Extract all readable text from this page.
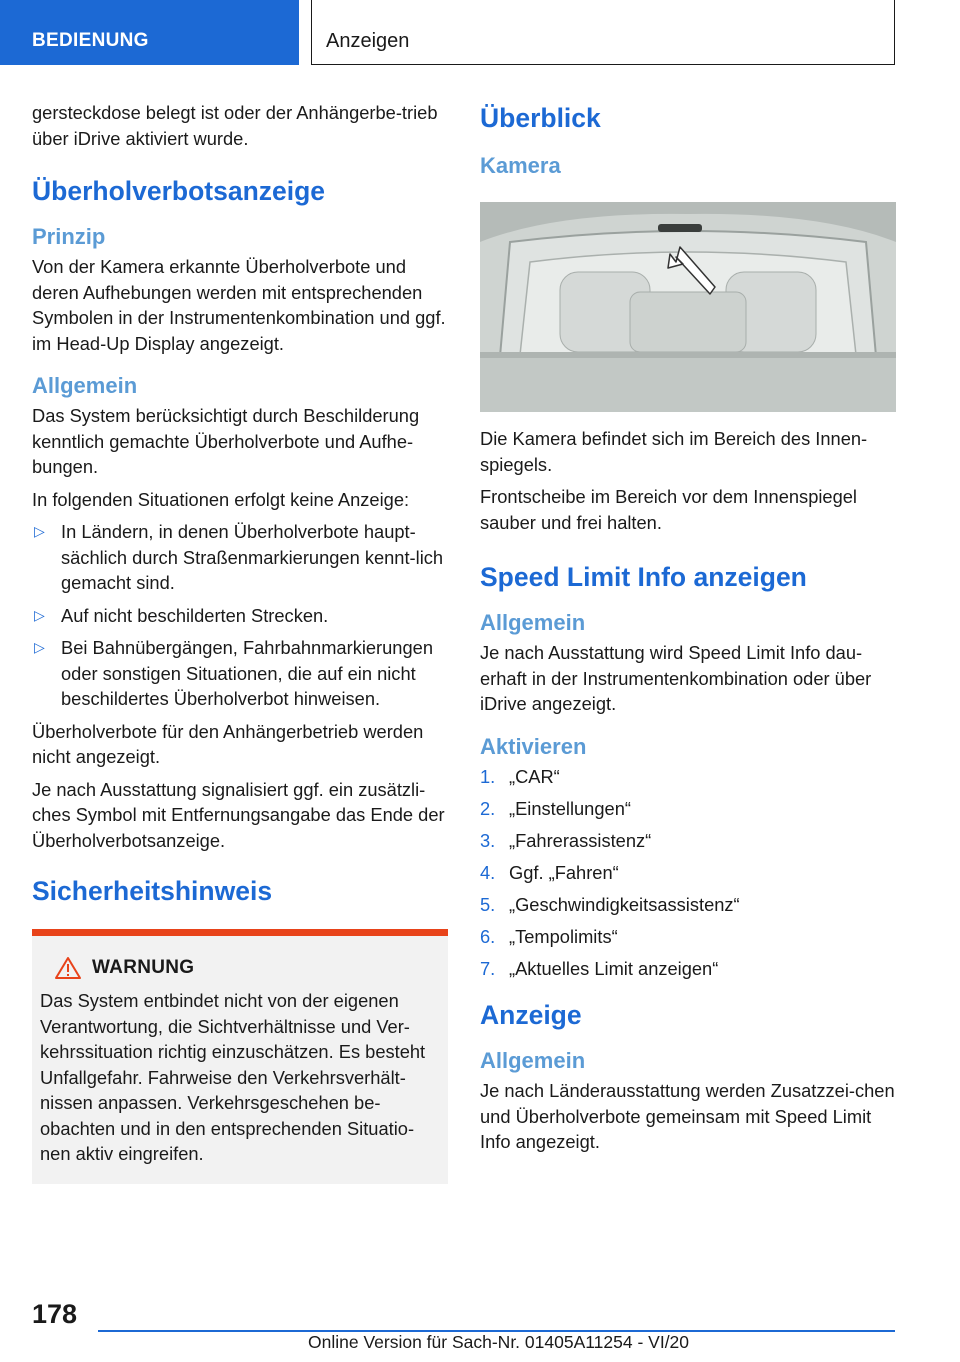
BEDIENUNG	Anzeigen

gersteckdose belegt ist oder der Anhängerbe‐trieb über iDrive aktiviert wurde.

Überholverbotsanzeige
Prinzip

Von der Kamera erkannte Überholverbote und deren Aufhebungen werden mit entsprechenden Symbolen in der Instrumentenkombination und ggf. im Head-Up Display angezeigt.

Allgemein

Das System berücksichtigt durch Beschilderung kenntlich gemachte Überholverbote und Aufhe‐bungen.

In folgenden Situationen erfolgt keine Anzeige:

▷ In Ländern, in denen Überholverbote haupt‐sächlich durch Straßenmarkierungen kennt‐lich gemacht sind.
▷ Auf nicht beschilderten Strecken.
▷ Bei Bahnübergängen, Fahrbahnmarkierungen oder sonstigen Situationen, die auf ein nicht beschildertes Überholverbot hinweisen.

Überholverbote für den Anhängerbetrieb werden nicht angezeigt.

Je nach Ausstattung signalisiert ggf. ein zusätzli‐ches Symbol mit Entfernungsangabe das Ende der Überholverbotsanzeige.

Sicherheitshinweis
WARNUNG

Das System entbindet nicht von der eigenen Verantwortung, die Sichtverhältnisse und Ver‐kehrssituation richtig einzuschätzen. Es besteht Unfallgefahr. Fahrweise den Verkehrsverhält‐nissen anpassen. Verkehrsgeschehen be‐obachten und in den entsprechenden Situatio‐nen aktiv eingreifen.

Überblick
Kamera

Die Kamera befindet sich im Bereich des Innen‐spiegels.

Frontscheibe im Bereich vor dem Innenspiegel sauber und frei halten.

Speed Limit Info anzeigen
Allgemein

Je nach Ausstattung wird Speed Limit Info dau‐erhaft in der Instrumentenkombination oder über iDrive angezeigt.

Aktivieren
1. „CAR“
2. „Einstellungen“
3. „Fahrerassistenz“
4. Ggf. „Fahren“
5. „Geschwindigkeitsassistenz“
6. „Tempolimits“
7. „Aktuelles Limit anzeigen“
Anzeige
Allgemein

Je nach Länderausstattung werden Zusatzzei‐chen und Überholverbote gemeinsam mit Speed Limit Info angezeigt.

178
Online Version für Sach-Nr. 01405A11254 - VI/20
